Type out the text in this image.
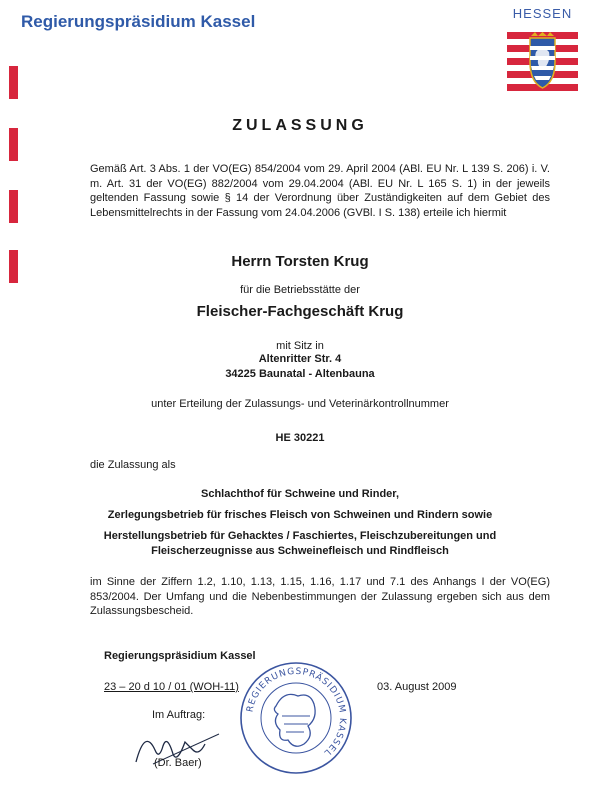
Regierungspräsidium Kassel	HESSEN
ZULASSUNG
Gemäß Art. 3 Abs. 1 der VO(EG) 854/2004 vom 29. April 2004 (ABl. EU Nr. L 139 S. 206) i. V. m. Art. 31 der VO(EG) 882/2004 vom 29.04.2004 (ABl. EU Nr. L 165 S. 1) in der jeweils geltenden Fassung sowie § 14 der Verordnung über Zuständigkeiten auf dem Gebiet des Lebensmittelrechts in der Fassung vom 24.04.2006 (GVBl. I S. 138) erteile ich hiermit
Herrn Torsten Krug
für die Betriebsstätte der
Fleischer-Fachgeschäft Krug
mit Sitz in
Altenritter Str. 4
34225 Baunatal - Altenbauna
unter Erteilung der Zulassungs- und Veterinärkontrollnummer
HE 30221
die Zulassung als
Schlachthof für Schweine und Rinder,
Zerlegungsbetrieb für frisches Fleisch von Schweinen und Rindern sowie
Herstellungsbetrieb für Gehacktes / Faschiertes, Fleischzubereitungen und
Fleischerzeugnisse aus Schweinefleisch und Rindfleisch
im Sinne der Ziffern 1.2, 1.10, 1.13, 1.15, 1.16, 1.17 und 7.1 des Anhangs I der VO(EG) 853/2004. Der Umfang und die Nebenbestimmungen der Zulassung ergeben sich aus dem Zulassungsbescheid.
Regierungspräsidium Kassel
23 – 20 d 10 / 01 (WOH-11)	03. August 2009
Im Auftrag:
(Dr. Baer)
REGIERUNGSPRÄSIDIUM KASSEL
